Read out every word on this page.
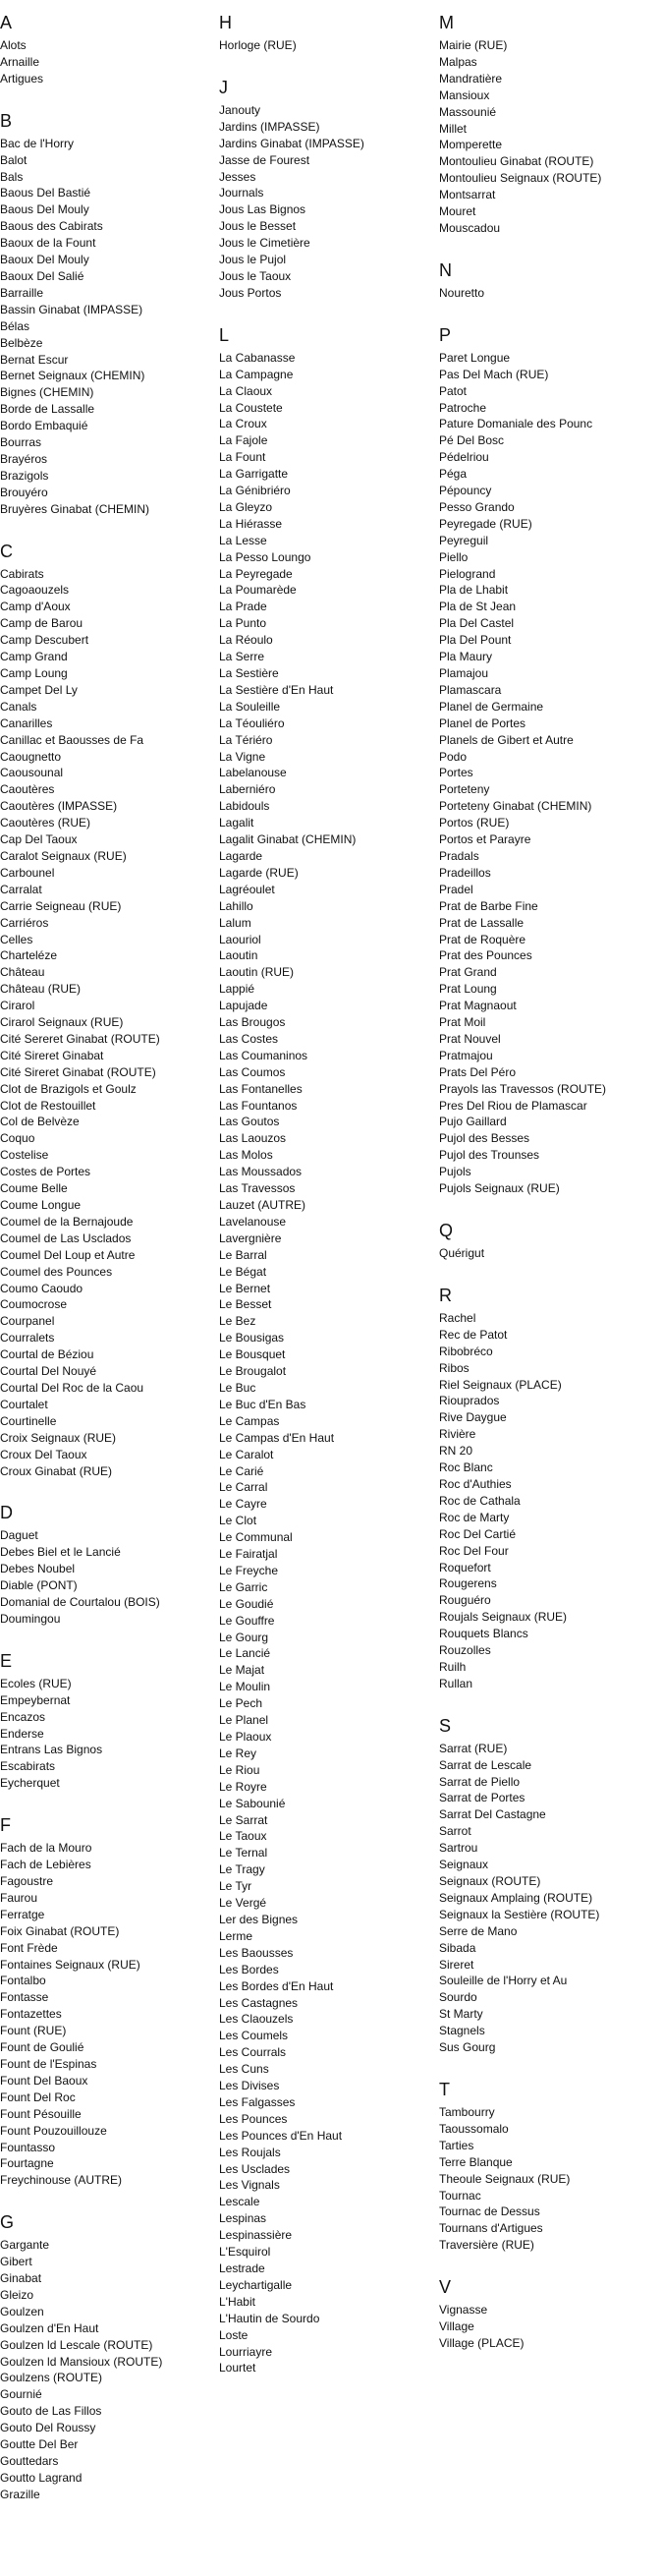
A
Alots
Arnaille
Artigues
B
Bac de l'Horry
Balot
Bals
Baous Del Bastié
Baous Del Mouly
Baous des Cabirats
Baoux de la Fount
Baoux Del Mouly
Baoux Del Salié
Barraille
Bassin Ginabat (IMPASSE)
Bélas
Belbèze
Bernat Escur
Bernet Seignaux (CHEMIN)
Bignes (CHEMIN)
Borde de Lassalle
Bordo Embaquié
Bourras
Brayéros
Brazigols
Brouyéro
Bruyères Ginabat (CHEMIN)
C
Cabirats
Cagoaouzels
Camp d'Aoux
Camp de Barou
Camp Descubert
Camp Grand
Camp Loung
Campet Del Ly
Canals
Canarilles
Canillac et Baousses de Fa
Caougnetto
Caousounal
Caoutères
Caoutères (IMPASSE)
Caoutères (RUE)
Cap Del Taoux
Caralot Seignaux (RUE)
Carbounel
Carralat
Carrie Seigneau (RUE)
Carriéros
Celles
Charteléze
Château
Château (RUE)
Cirarol
Cirarol Seignaux (RUE)
Cité Sereret Ginabat (ROUTE)
Cité Sireret Ginabat
Cité Sireret Ginabat (ROUTE)
Clot de Brazigols et Goulz
Clot de Restouillet
Col de Belvèze
Coquo
Costelise
Costes de Portes
Coume Belle
Coume Longue
Coumel de la Bernajoude
Coumel de Las Usclados
Coumel Del Loup et Autre
Coumel des Pounces
Coumo Caoudo
Coumocrose
Courpanel
Courralets
Courtal de Béziou
Courtal Del Nouyé
Courtal Del Roc de la Caou
Courtalet
Courtinelle
Croix Seignaux (RUE)
Croux Del Taoux
Croux Ginabat (RUE)
D
Daguet
Debes Biel et le Lancié
Debes Noubel
Diable (PONT)
Domanial de Courtalou (BOIS)
Doumingou
E
Ecoles (RUE)
Empeybernat
Encazos
Enderse
Entrans Las Bignos
Escabirats
Eycherquet
F
Fach de la Mouro
Fach de Lebières
Fagoustre
Faurou
Ferratge
Foix Ginabat (ROUTE)
Font Frède
Fontaines Seignaux (RUE)
Fontalbo
Fontasse
Fontazettes
Fount (RUE)
Fount de Goulié
Fount de l'Espinas
Fount Del Baoux
Fount Del Roc
Fount Pésouille
Fount Pouzouillouze
Fountasso
Fourtagne
Freychinouse (AUTRE)
G
Gargante
Gibert
Ginabat
Gleizo
Goulzen
Goulzen d'En Haut
Goulzen ld Lescale (ROUTE)
Goulzen ld Mansioux (ROUTE)
Goulzens (ROUTE)
Gournié
Gouto de Las Fillos
Gouto Del Roussy
Goutte Del Ber
Gouttedars
Goutto Lagrand
Grazille
H
Horloge (RUE)
J
Janouty
Jardins (IMPASSE)
Jardins Ginabat (IMPASSE)
Jasse de Fourest
Jesses
Journals
Jous Las Bignos
Jous le Besset
Jous le Cimetière
Jous le Pujol
Jous le Taoux
Jous Portos
L
La Cabanasse
La Campagne
La Claoux
La Coustete
La Croux
La Fajole
La Fount
La Garrigatte
La Génibriéro
La Gleyzo
La Hiérasse
La Lesse
La Pesso Loungo
La Peyregade
La Poumarède
La Prade
La Punto
La Réoulo
La Serre
La Sestière
La Sestière d'En Haut
La Souleille
La Téouliéro
La Tériéro
La Vigne
Labelanouse
Laberniéro
Labidouls
Lagalit
Lagalit Ginabat (CHEMIN)
Lagarde
Lagarde (RUE)
Lagréoulet
Lahillo
Lalum
Laouriol
Laoutin
Laoutin (RUE)
Lappié
Lapujade
Las Brougos
Las Costes
Las Coumaninos
Las Coumos
Las Fontanelles
Las Fountanos
Las Goutos
Las Laouzos
Las Molos
Las Moussados
Las Travessos
Lauzet (AUTRE)
Lavelanouse
Lavergnière
Le Barral
Le Bégat
Le Bernet
Le Besset
Le Bez
Le Bousigas
Le Bousquet
Le Brougalot
Le Buc
Le Buc d'En Bas
Le Campas
Le Campas d'En Haut
Le Caralot
Le Carié
Le Carral
Le Cayre
Le Clot
Le Communal
Le Fairatjal
Le Freyche
Le Garric
Le Goudié
Le Gouffre
Le Gourg
Le Lancié
Le Majat
Le Moulin
Le Pech
Le Planel
Le Plaoux
Le Rey
Le Riou
Le Royre
Le Sabounié
Le Sarrat
Le Taoux
Le Ternal
Le Tragy
Le Tyr
Le Vergé
Ler des Bignes
Lerme
Les Baousses
Les Bordes
Les Bordes d'En Haut
Les Castagnes
Les Claouzels
Les Coumels
Les Courrals
Les Cuns
Les Divises
Les Falgasses
Les Pounces
Les Pounces d'En Haut
Les Roujals
Les Usclades
Les Vignals
Lescale
Lespinas
Lespinassière
L'Esquirol
Lestrade
Leychartigalle
L'Habit
L'Hautin de Sourdo
Loste
Lourriayre
Lourtet
M
Mairie (RUE)
Malpas
Mandratière
Mansioux
Massounié
Millet
Momperette
Montoulieu Ginabat (ROUTE)
Montoulieu Seignaux (ROUTE)
Montsarrat
Mouret
Mouscadou
N
Nouretto
P
Paret Longue
Pas Del Mach (RUE)
Patot
Patroche
Pature Domaniale des Pounc
Pé Del Bosc
Pédelriou
Péga
Pépouncy
Pesso Grando
Peyregade (RUE)
Peyreguil
Piello
Pielogrand
Pla de Lhabit
Pla de St Jean
Pla Del Castel
Pla Del Pount
Pla Maury
Plamajou
Plamascara
Planel de Germaine
Planel de Portes
Planels de Gibert et Autre
Podo
Portes
Porteteny
Porteteny Ginabat (CHEMIN)
Portos (RUE)
Portos et Parayre
Pradals
Pradeillos
Pradel
Prat de Barbe Fine
Prat de Lassalle
Prat de Roquère
Prat des Pounces
Prat Grand
Prat Loung
Prat Magnaout
Prat Moil
Prat Nouvel
Pratmajou
Prats Del Péro
Prayols las Travessos (ROUTE)
Pres Del Riou de Plamascar
Pujo Gaillard
Pujol des Besses
Pujol des Trounses
Pujols
Pujols Seignaux (RUE)
Q
Quérigut
R
Rachel
Rec de Patot
Ribobréco
Ribos
Riel Seignaux (PLACE)
Riouprados
Rive Daygue
Rivière
RN 20
Roc Blanc
Roc d'Authies
Roc de Cathala
Roc de Marty
Roc Del Cartié
Roc Del Four
Roquefort
Rougerens
Rouguéro
Roujals Seignaux (RUE)
Rouquets Blancs
Rouzolles
Ruilh
Rullan
S
Sarrat (RUE)
Sarrat de Lescale
Sarrat de Piello
Sarrat de Portes
Sarrat Del Castagne
Sarrot
Sartrou
Seignaux
Seignaux (ROUTE)
Seignaux Amplaing (ROUTE)
Seignaux la Sestière (ROUTE)
Serre de Mano
Sibada
Sireret
Souleille de l'Horry et Au
Sourdo
St Marty
Stagnels
Sus Gourg
T
Tambourry
Taoussomalo
Tarties
Terre Blanque
Theoule Seignaux (RUE)
Tournac
Tournac de Dessus
Tournans d'Artigues
Traversière (RUE)
V
Vignasse
Village
Village (PLACE)
